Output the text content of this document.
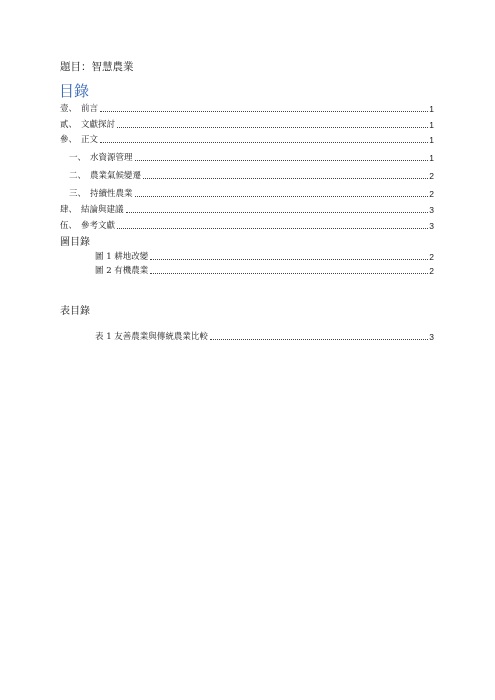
題目：智慧農業
目錄
壹、 前言	1
貳、 文獻探討	1
參、 正文	1
一、 水資源管理	1
二、 農業氣候變遷	2
三、 持續性農業	2
肆、 結論與建議	3
伍、 參考文獻	3
圖目錄
圖 1 耕地改變	2
圖 2 有機農業	2
表目錄
表 1 友善農業與傳統農業比較	3
